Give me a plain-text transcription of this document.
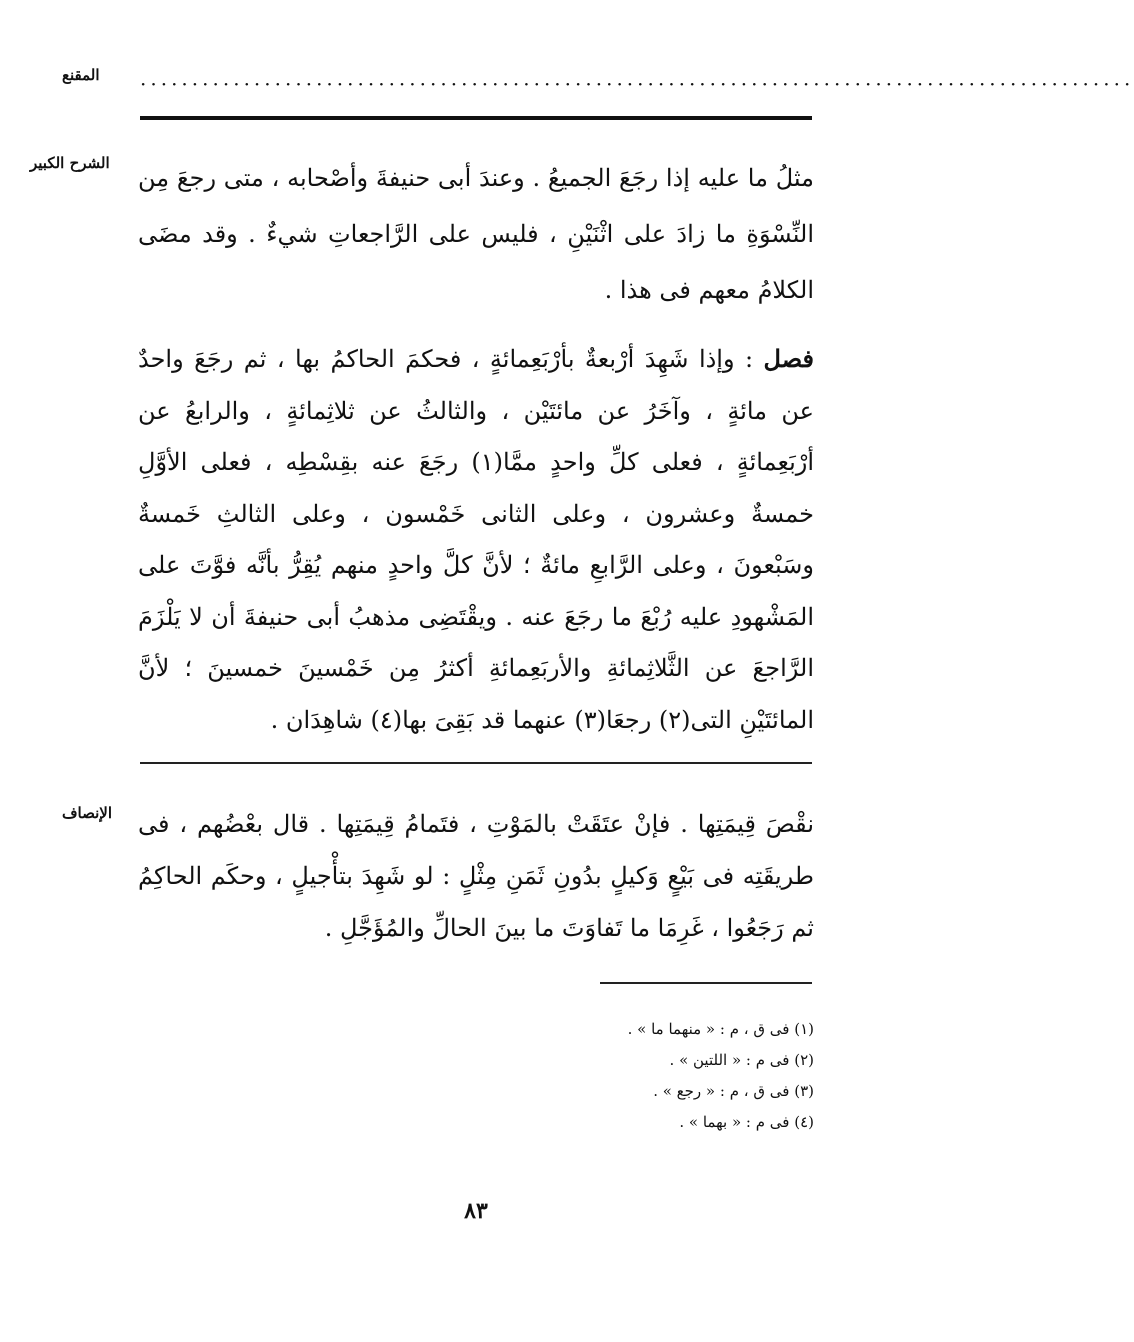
المقنع ································································································
الشرح الكبير

مثلُ ما عليه إذا رجَعَ الجميعُ . وعندَ أبى حنيفةَ وأصْحابه ، متى رجعَ مِن النِّسْوَةِ ما زادَ على اثْنَيْنِ ، فليس على الرَّاجعاتِ شيءٌ . وقد مضَى الكلامُ معهم فى هذا .

فصل : وإذا شَهِدَ أرْبعةٌ بأرْبَعِمائةٍ ، فحكمَ الحاكمُ بها ، ثم رجَعَ واحدٌ عن مائةٍ ، وآخَرُ عن مائتَيْن ، والثالثُ عن ثلاثِمائةٍ ، والرابعُ عن أرْبَعِمائةٍ ، فعلى كلِّ واحدٍ ممَّا(١) رجَعَ عنه بقِسْطِه ، فعلى الأوَّلِ خمسةٌ وعشرون ، وعلى الثانى خَمْسون ، وعلى الثالثِ خَمسةٌ وسَبْعونَ ، وعلى الرَّابعِ مائةٌ ؛ لأنَّ كلَّ واحدٍ منهم يُقِرُّ بأنَّه فوَّتَ على المَشْهودِ عليه رُبْعَ ما رجَعَ عنه . ويقْتَضِى مذهبُ أبى حنيفةَ أن لا يَلْزَمَ الرَّاجعَ عن الثَّلاثِمائةِ والأربَعِمائةِ أكثرُ مِن خَمْسينَ خمسينَ ؛ لأنَّ المائتَيْنِ التى(٢) رجعَا(٣) عنهما قد بَقِىَ بها(٤) شاهِدَان .

الإنصاف نقْصَ قِيمَتِها . فإنْ عتَقَتْ بالمَوْتِ ، فتَمامُ قِيمَتِها . قال بعْضُهم ، فى طريقَتِه فى بَيْعٍ وَكيلٍ بدُونِ ثَمَنِ مِثْلٍ : لو شَهِدَ بتأْجيلٍ ، وحكَم الحاكِمُ ثم رَجَعُوا ، غَرِمَا ما تَفاوَتَ ما بينَ الحالِّ والمُؤَجَّلِ .

(١) فى ق ، م : « منهما ما » .
(٢) فى م : « اللتين » .
(٣) فى ق ، م : « رجع » .
(٤) فى م : « بهما » .
٨٣
